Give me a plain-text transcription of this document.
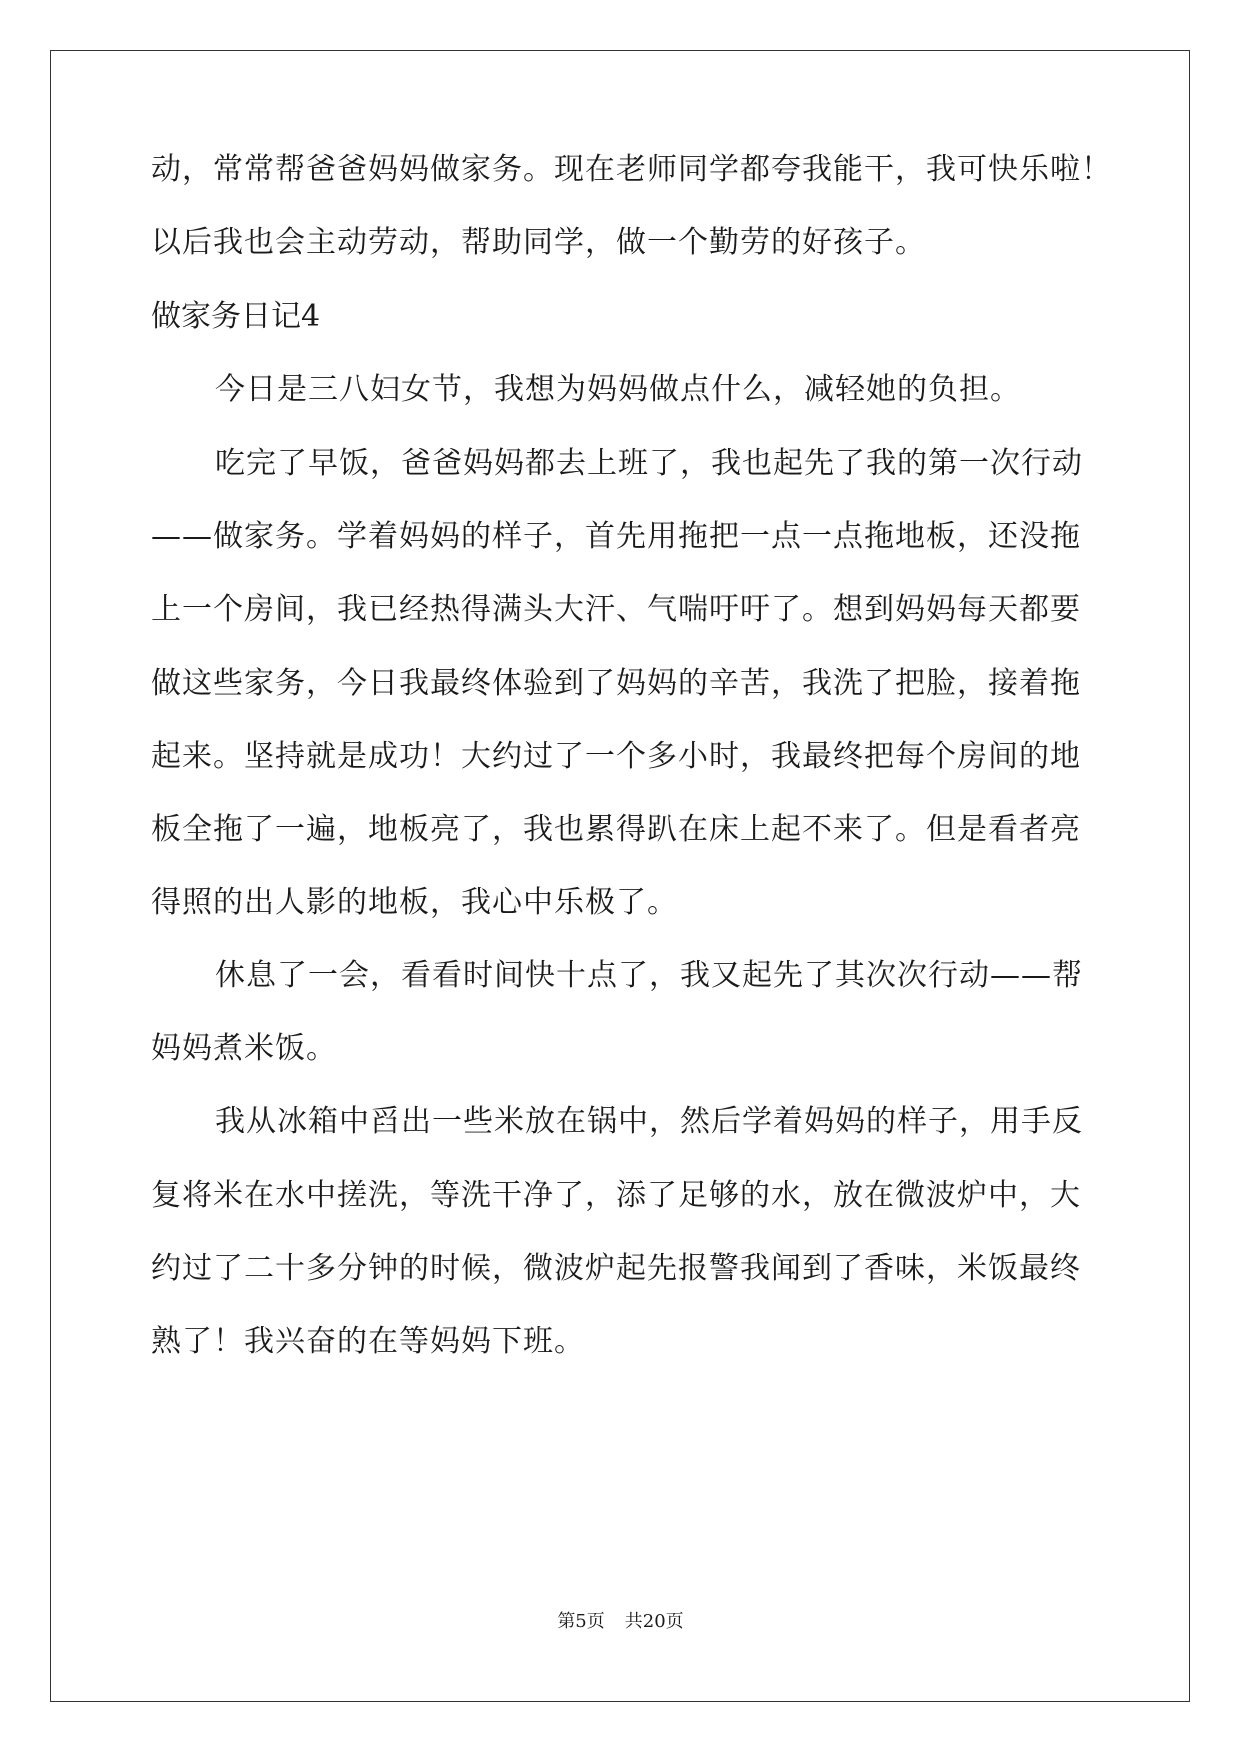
动，常常帮爸爸妈妈做家务。现在老师同学都夸我能干，我可快乐啦！
以后我也会主动劳动，帮助同学，做一个勤劳的好孩子。
做家务日记4
今日是三八妇女节，我想为妈妈做点什么，减轻她的负担。
吃完了早饭，爸爸妈妈都去上班了，我也起先了我的第一次行动
——做家务。学着妈妈的样子，首先用拖把一点一点拖地板，还没拖
上一个房间，我已经热得满头大汗、气喘吁吁了。想到妈妈每天都要
做这些家务，今日我最终体验到了妈妈的辛苦，我洗了把脸，接着拖
起来。坚持就是成功！大约过了一个多小时，我最终把每个房间的地
板全拖了一遍，地板亮了，我也累得趴在床上起不来了。但是看者亮
得照的出人影的地板，我心中乐极了。
休息了一会，看看时间快十点了，我又起先了其次次行动——帮
妈妈煮米饭。
我从冰箱中舀出一些米放在锅中，然后学着妈妈的样子，用手反
复将米在水中搓洗，等洗干净了，添了足够的水，放在微波炉中，大
约过了二十多分钟的时候，微波炉起先报警我闻到了香味，米饭最终
熟了！我兴奋的在等妈妈下班。
第5页 共20页
